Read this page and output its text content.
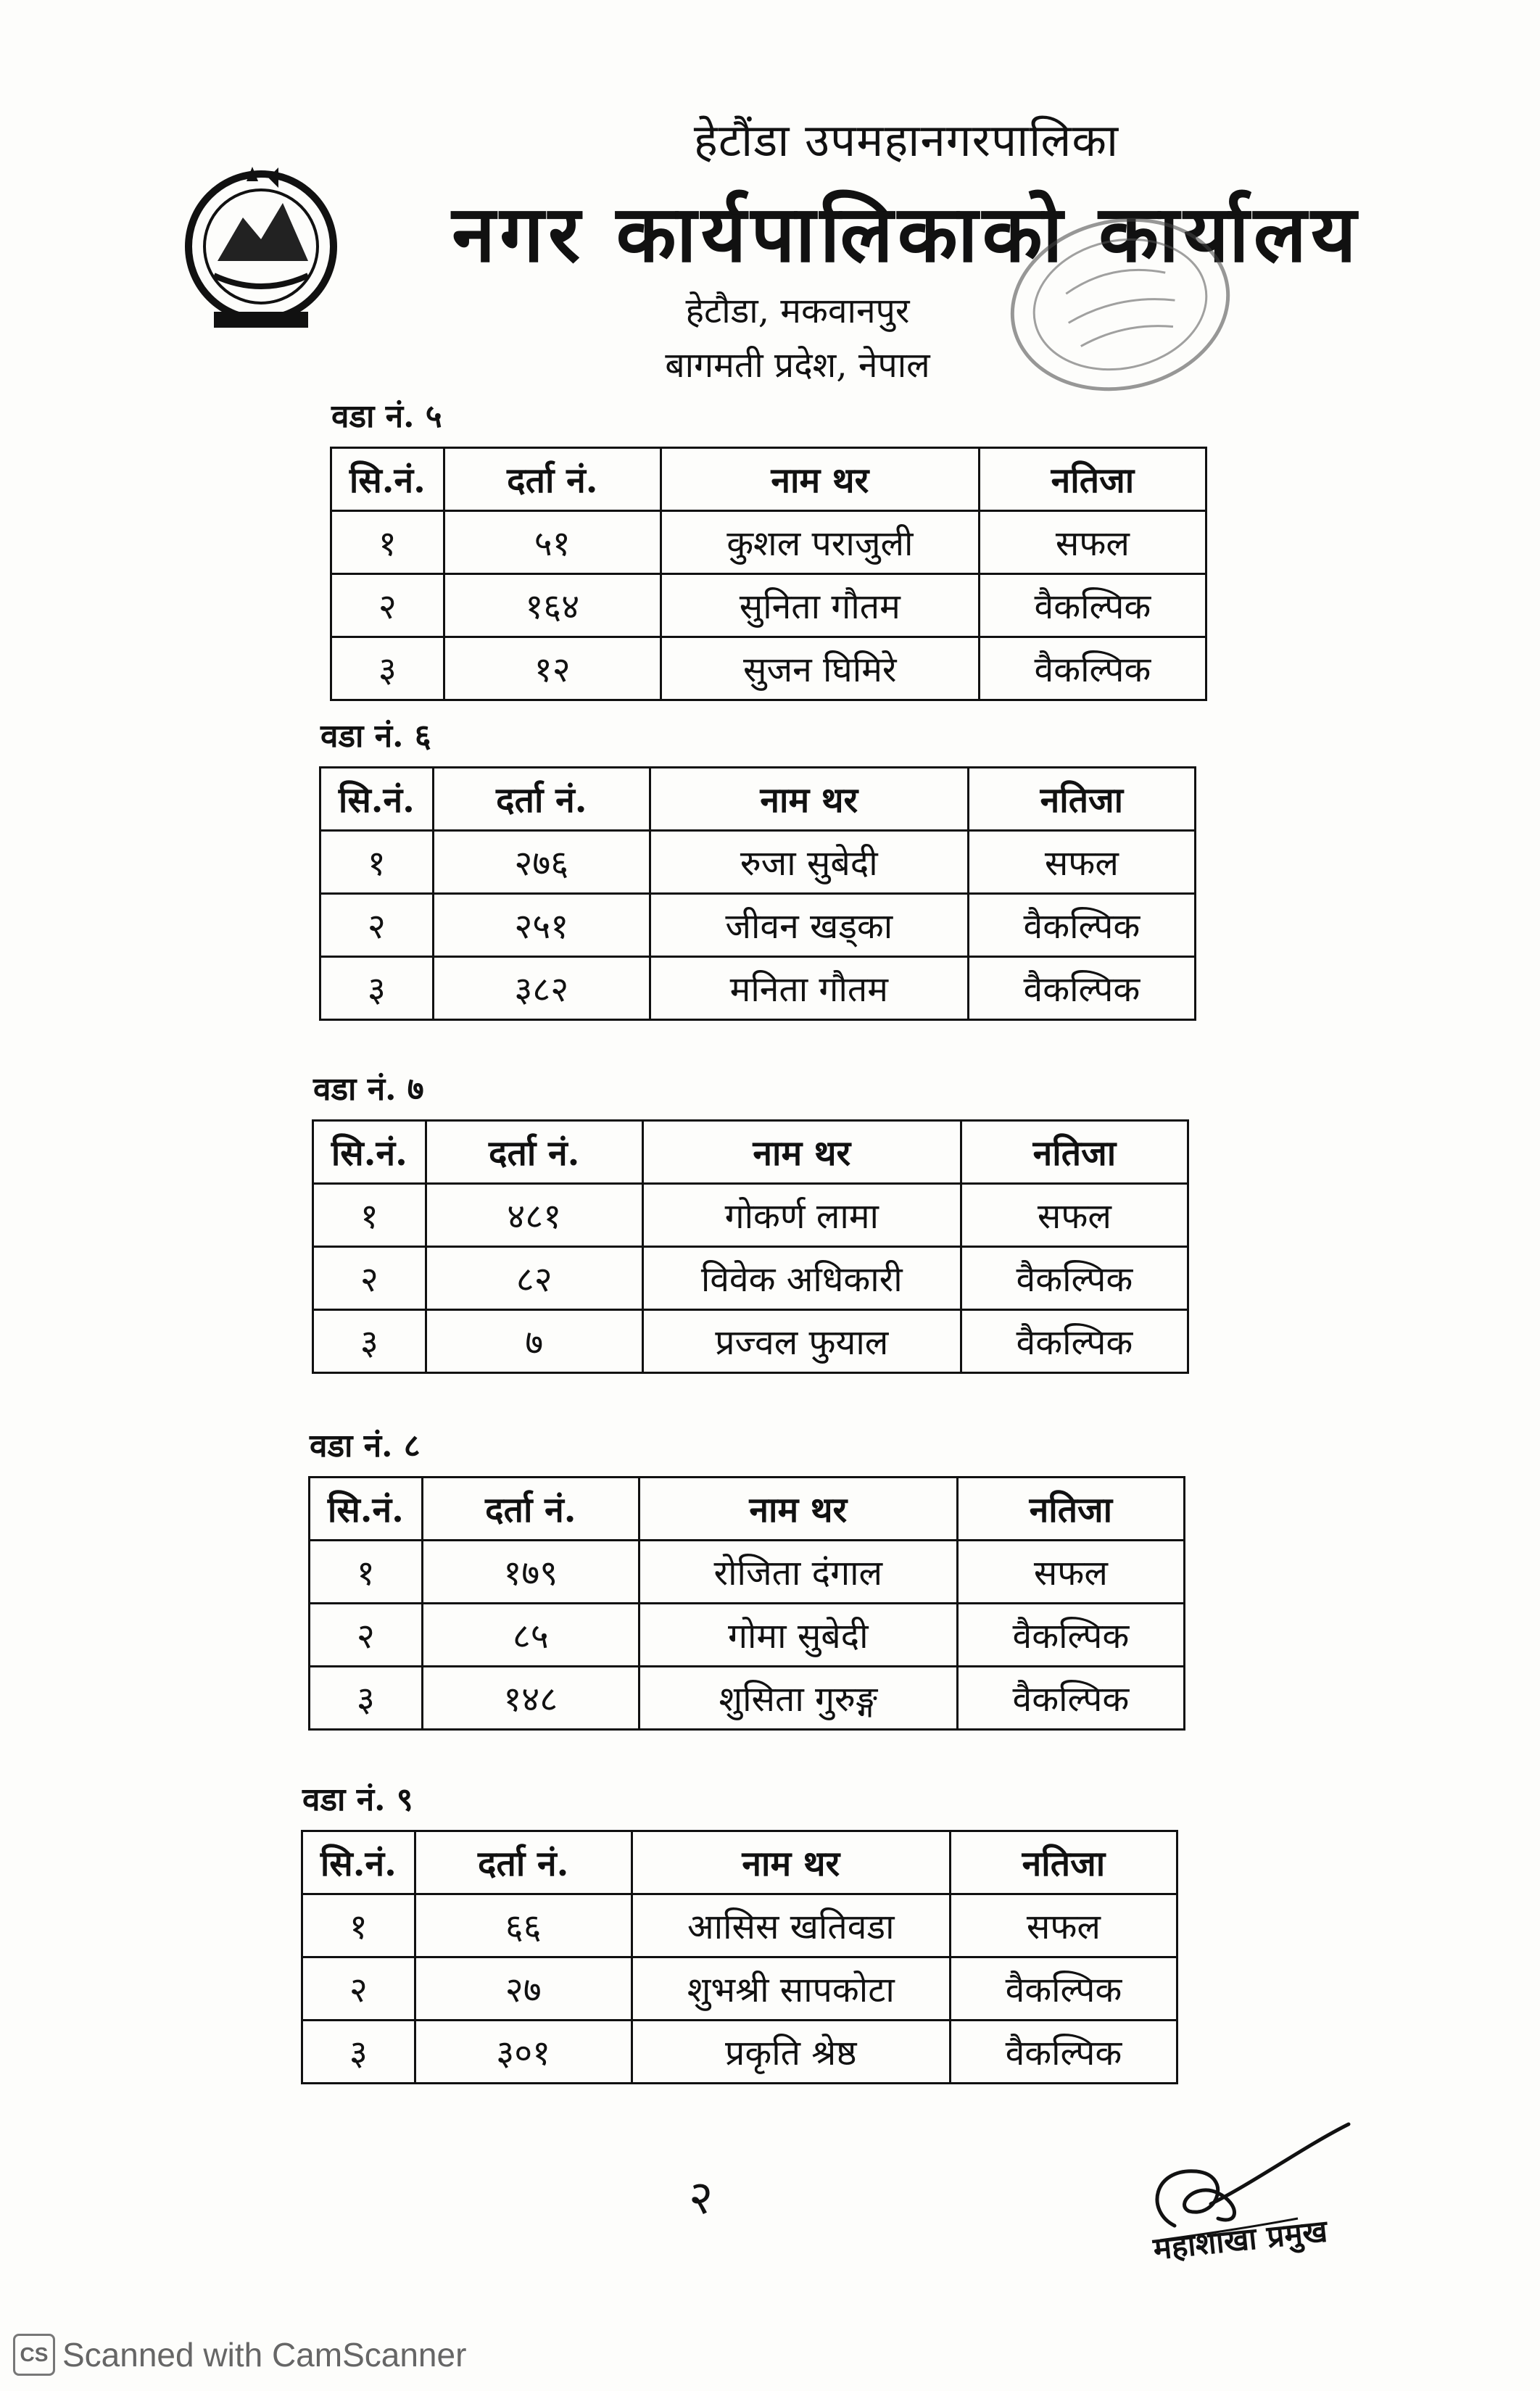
हेटौंडा उपमहानगरपालिका
नगर कार्यपालिकाको कार्यालय
हेटौडा, मकवानपुर
बागमती प्रदेश, नेपाल
वडा नं. ५
सि.नं.	दर्ता नं.	नाम थर	नतिजा
१	५१	कुशल पराजुली	सफल
२	१६४	सुनिता गौतम	वैकल्पिक
३	१२	सुजन घिमिरे	वैकल्पिक
वडा नं. ६
सि.नं.	दर्ता नं.	नाम थर	नतिजा
१	२७६	रुजा सुबेदी	सफल
२	२५१	जीवन खड्का	वैकल्पिक
३	३८२	मनिता गौतम	वैकल्पिक
वडा नं. ७
सि.नं.	दर्ता नं.	नाम थर	नतिजा
१	४८१	गोकर्ण लामा	सफल
२	८२	विवेक अधिकारी	वैकल्पिक
३	७	प्रज्वल फुयाल	वैकल्पिक
वडा नं. ८
सि.नं.	दर्ता नं.	नाम थर	नतिजा
१	१७९	रोजिता दंगाल	सफल
२	८५	गोमा सुबेदी	वैकल्पिक
३	१४८	शुसिता गुरुङ्ग	वैकल्पिक
वडा नं. ९
सि.नं.	दर्ता नं.	नाम थर	नतिजा
१	६६	आसिस खतिवडा	सफल
२	२७	शुभश्री सापकोटा	वैकल्पिक
३	३०१	प्रकृति श्रेष्ठ	वैकल्पिक
२
महाशाखा प्रमुख
CS Scanned with CamScanner
